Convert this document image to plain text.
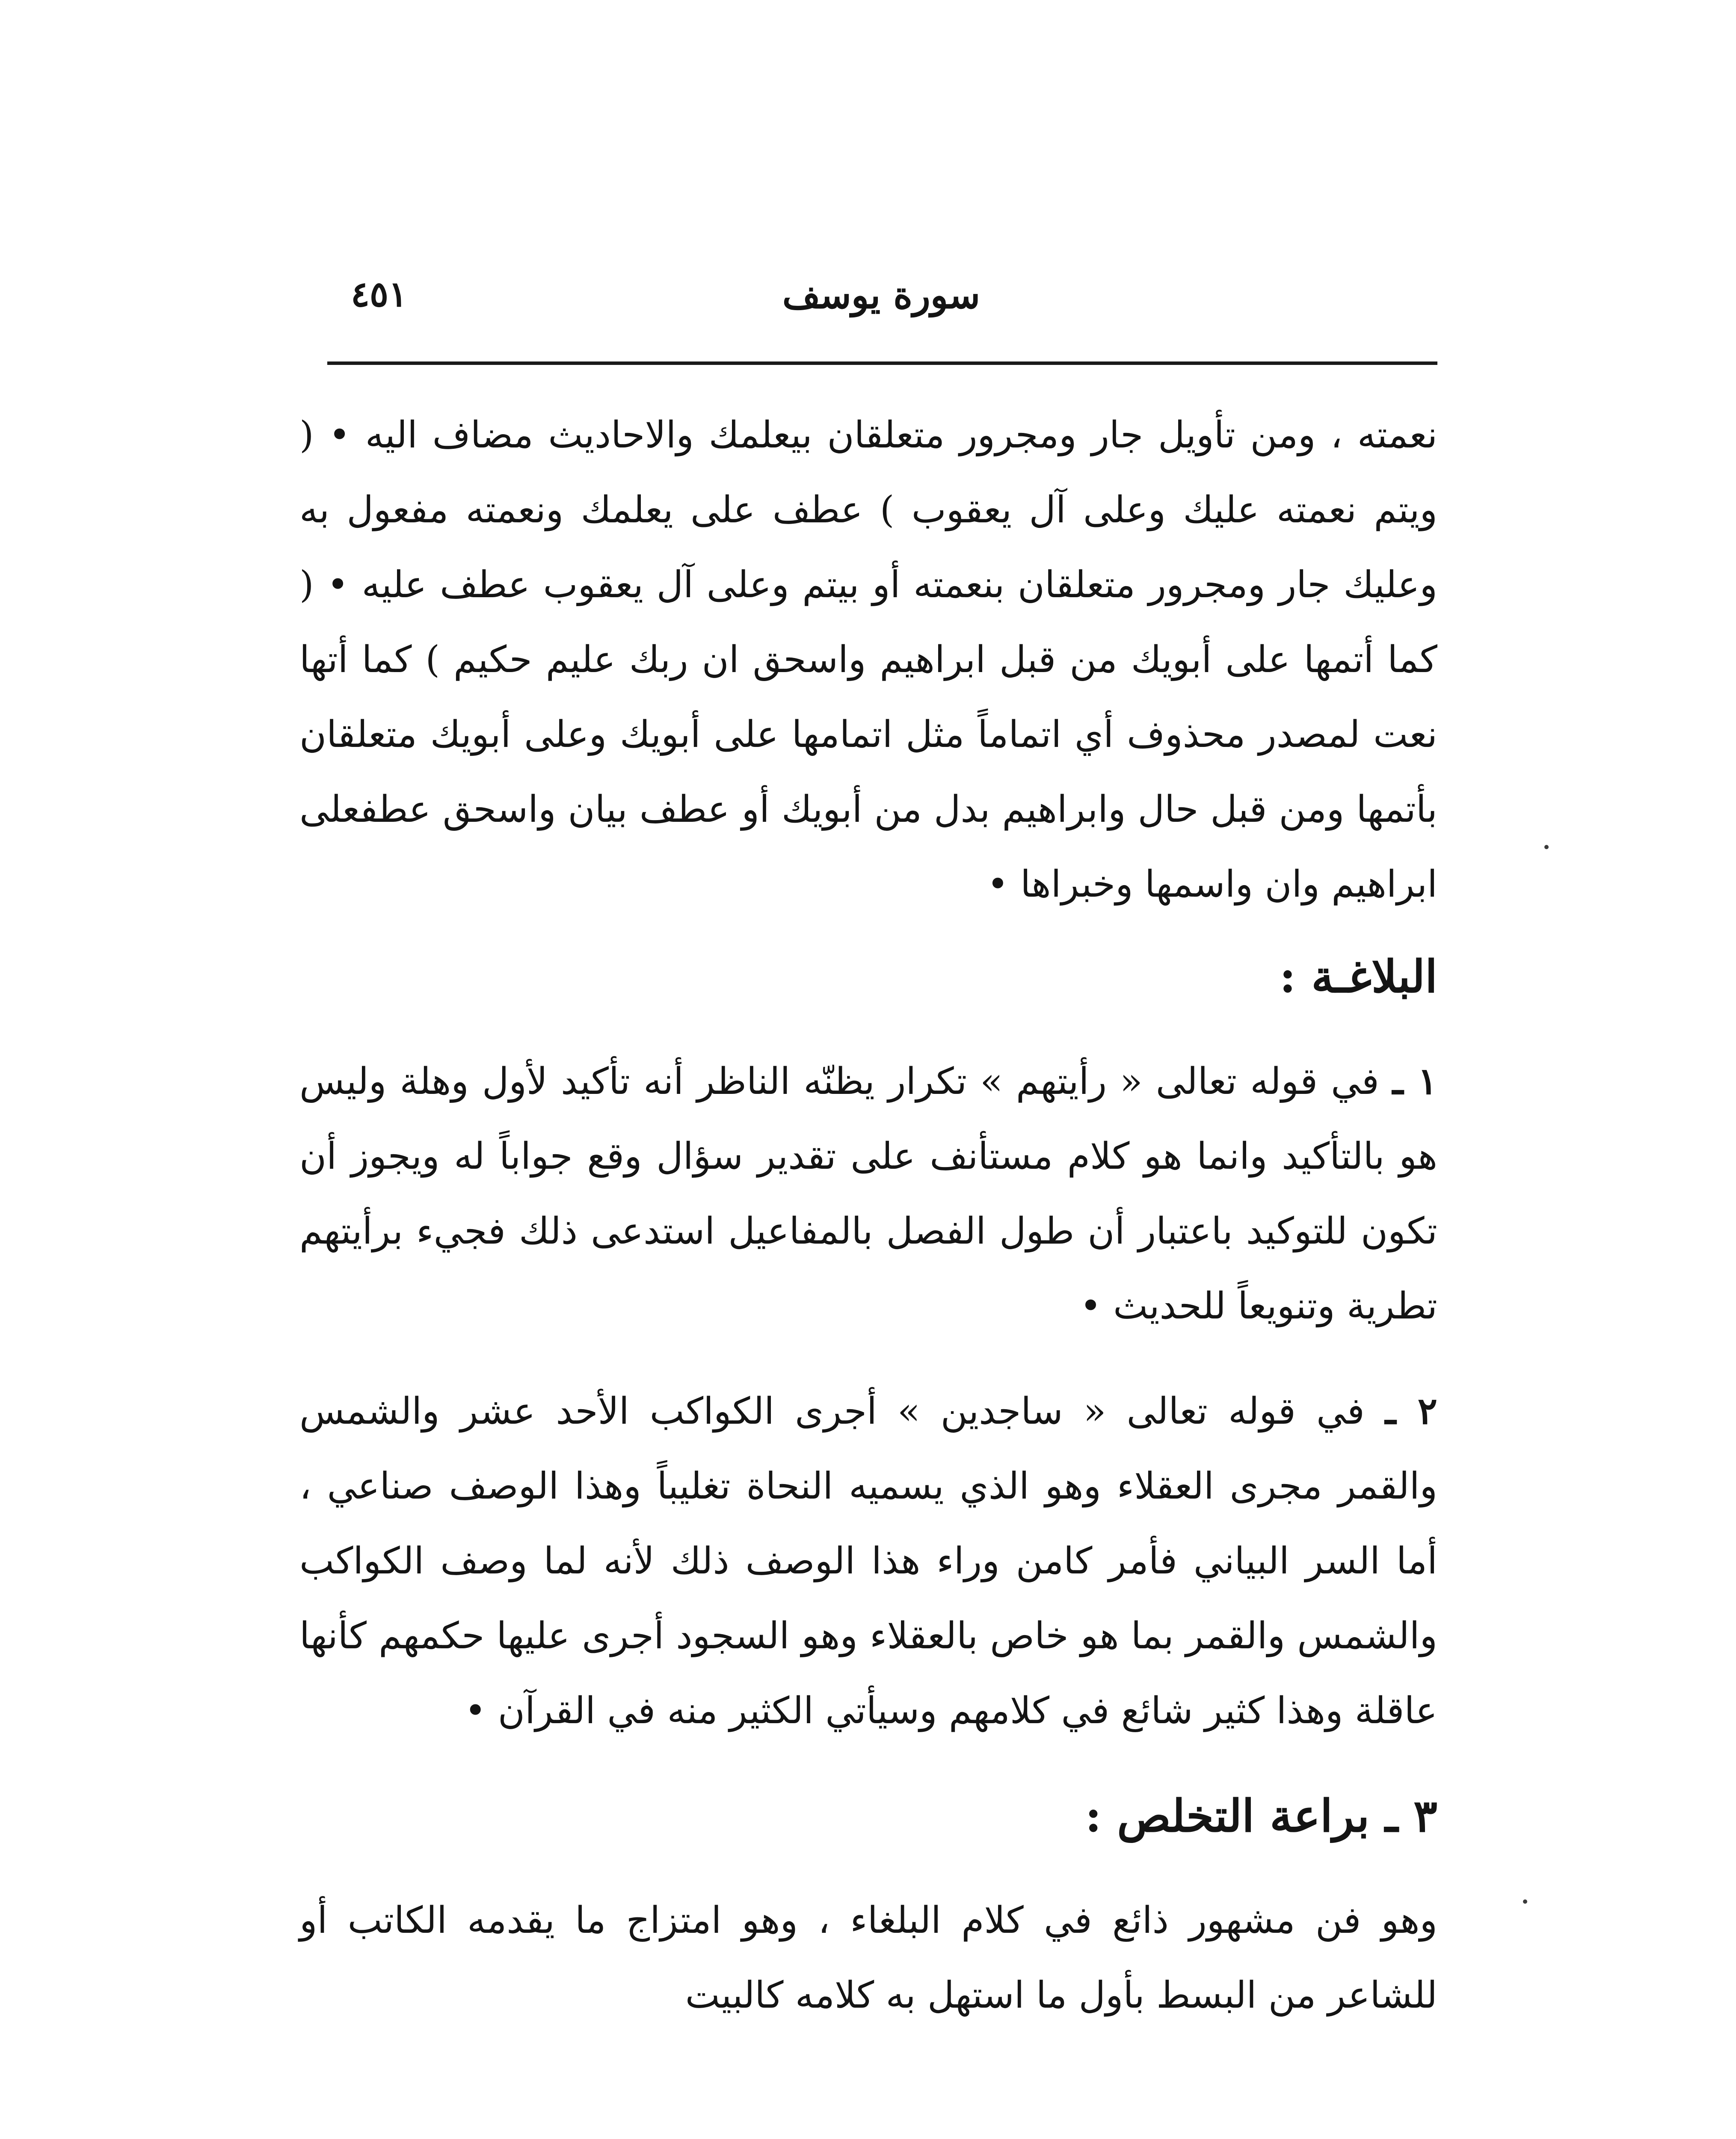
٤٥١	سورة يوسف

نعمته ، ومن تأويل جار ومجرور متعلقان بيعلمك والاحاديث مضاف اليه • ( ويتم نعمته عليك وعلى آل يعقوب ) عطف على يعلمك ونعمته مفعول به وعليك جار ومجرور متعلقان بنعمته أو بيتم وعلى آل يعقوب عطف عليه • ( كما أتمها على أبويك من قبل ابراهيم واسحق ان ربك عليم حكيم ) كما أتها نعت لمصدر محذوف أي اتماماً مثل اتمامها على أبويك وعلى أبويك متعلقان بأتمها ومن قبل حال وابراهيم بدل من أبويك أو عطف بيان واسحق عطفعلى ابراهيم وان واسمها وخبراها •

البلاغـة :

١ ـ في قوله تعالى « رأيتهم » تكرار يظنّه الناظر أنه تأكيد لأول وهلة وليس هو بالتأكيد وانما هو كلام مستأنف على تقدير سؤال وقع جواباً له ويجوز أن تكون للتوكيد باعتبار أن طول الفصل بالمفاعيل استدعى ذلك فجيء برأيتهم تطرية وتنويعاً للحديث •

٢ ـ في قوله تعالى « ساجدين » أجرى الكواكب الأحد عشر والشمس والقمر مجرى العقلاء وهو الذي يسميه النحاة تغليباً وهذا الوصف صناعي ، أما السر البياني فأمر كامن وراء هذا الوصف ذلك لأنه لما وصف الكواكب والشمس والقمر بما هو خاص بالعقلاء وهو السجود أجرى عليها حكمهم كأنها عاقلة وهذا كثير شائع في كلامهم وسيأتي الكثير منه في القرآن •

٣ ـ براعة التخلص :

وهو فن مشهور ذائع في كلام البلغاء ، وهو امتزاج ما يقدمه الكاتب أو للشاعر من البسط بأول ما استهل به كلامه كالبيت
